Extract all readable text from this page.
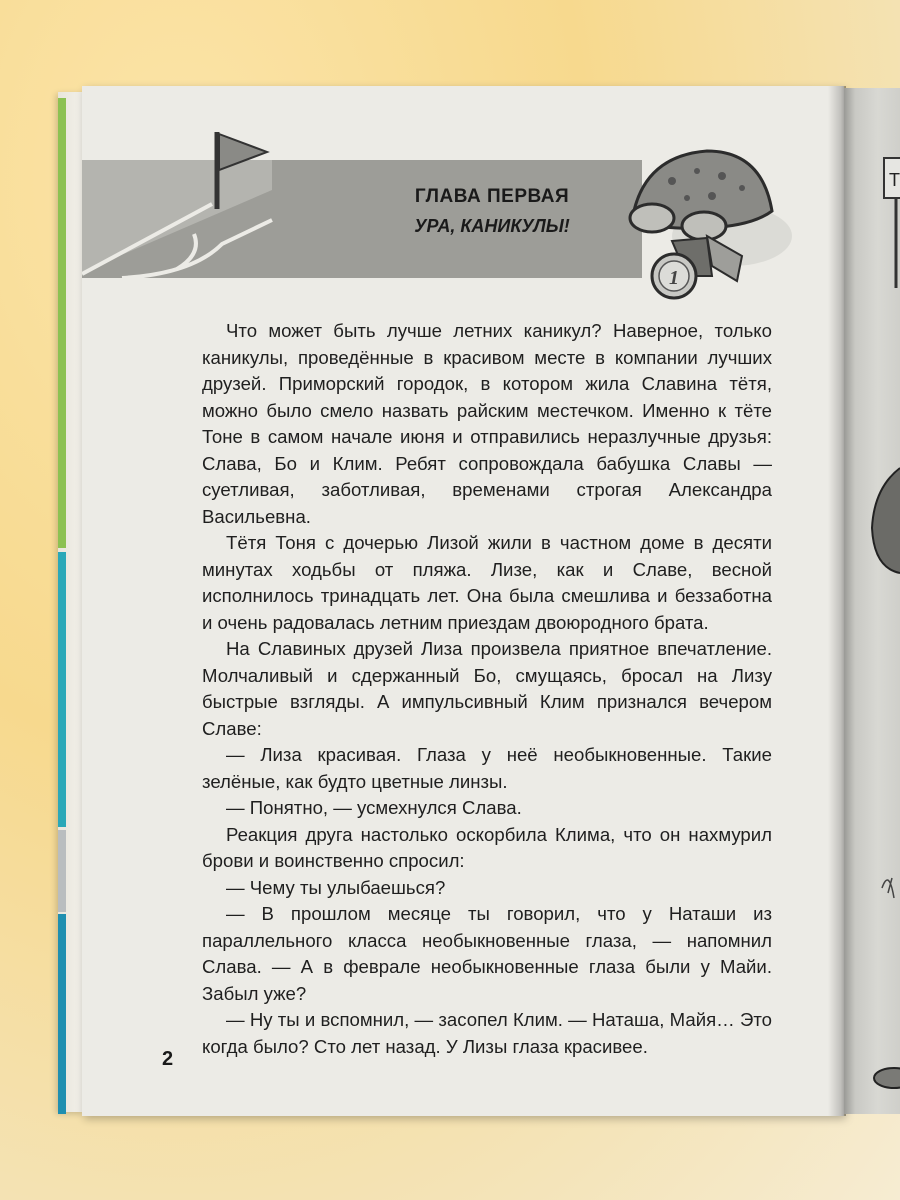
ГЛАВА ПЕРВАЯ
УРА, КАНИКУЛЫ!
1

Что может быть лучше летних каникул? Наверное, только каникулы, проведённые в красивом месте в компании лучших друзей. Приморский городок, в котором жила Славина тётя, можно было смело назвать райским местечком. Именно к тёте Тоне в самом начале июня и отправились неразлучные друзья: Слава, Бо и Клим. Ребят сопровождала бабушка Славы — суетливая, заботливая, временами строгая Александра Васильевна.

Тётя Тоня с дочерью Лизой жили в частном доме в десяти минутах ходьбы от пляжа. Лизе, как и Славе, весной исполнилось тринадцать лет. Она была смешлива и беззаботна и очень радовалась летним приездам двоюродного брата.

На Славиных друзей Лиза произвела приятное впечатление. Молчаливый и сдержанный Бо, смущаясь, бросал на Лизу быстрые взгляды. А импульсивный Клим признался вечером Славе:

— Лиза красивая. Глаза у неё необыкновенные. Такие зелёные, как будто цветные линзы.

— Понятно, — усмехнулся Слава.

Реакция друга настолько оскорбила Клима, что он нахмурил брови и воинственно спросил:

— Чему ты улыбаешься?

— В прошлом месяце ты говорил, что у Наташи из параллельного класса необыкновенные глаза, — напомнил Слава. — А в феврале необыкновенные глаза были у Майи. Забыл уже?

— Ну ты и вспомнил, — засопел Клим. — Наташа, Майя… Это когда было? Сто лет назад. У Лизы глаза красивее.

2
Т
